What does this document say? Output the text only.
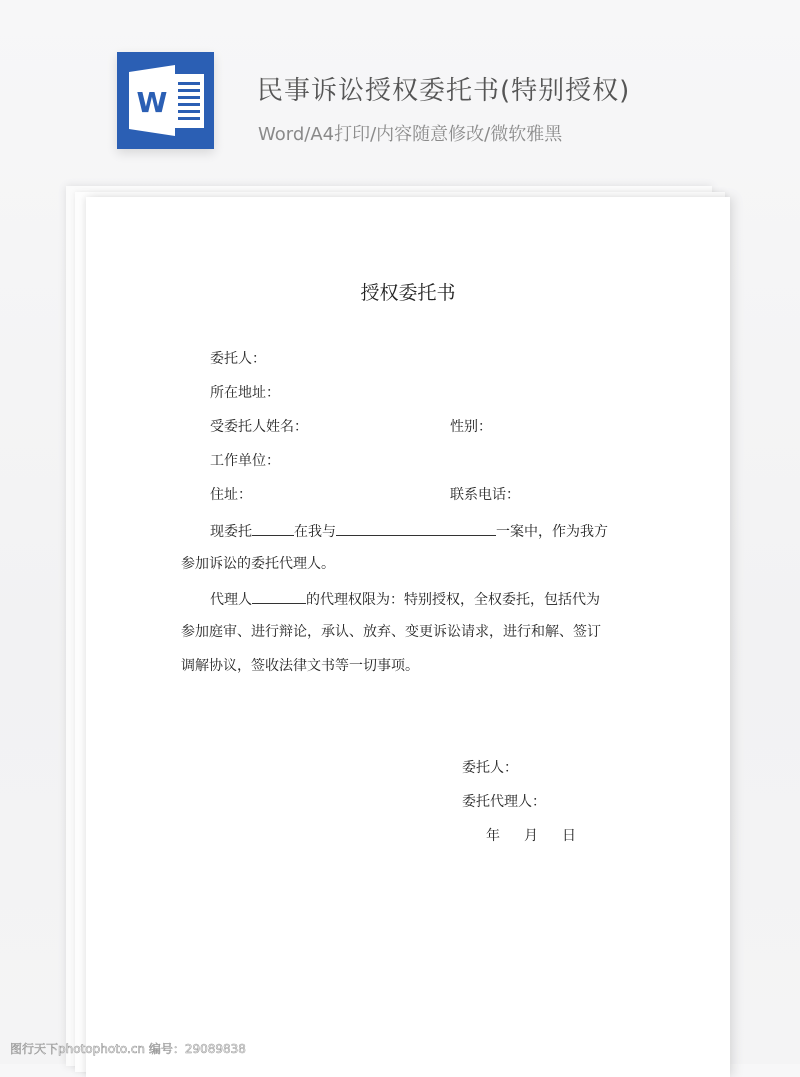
W	民事诉讼授权委托书(特别授权)
Word/A4打印/内容随意修改/微软雅黑
授权委托书
委托人：
所在地址：
受委托人姓名：	性别：
工作单位：
住址：	联系电话：
现委托	在我与	一案中，作为我方
参加诉讼的委托代理人。
代理人	的代理权限为：特别授权，全权委托，包括代为
参加庭审、进行辩论，承认、放弃、变更诉讼请求，进行和解、签订
调解协议，签收法律文书等一切事项。
委托人：
委托代理人：
年 月 日
图行天下photophoto.cn 编号：29089838
